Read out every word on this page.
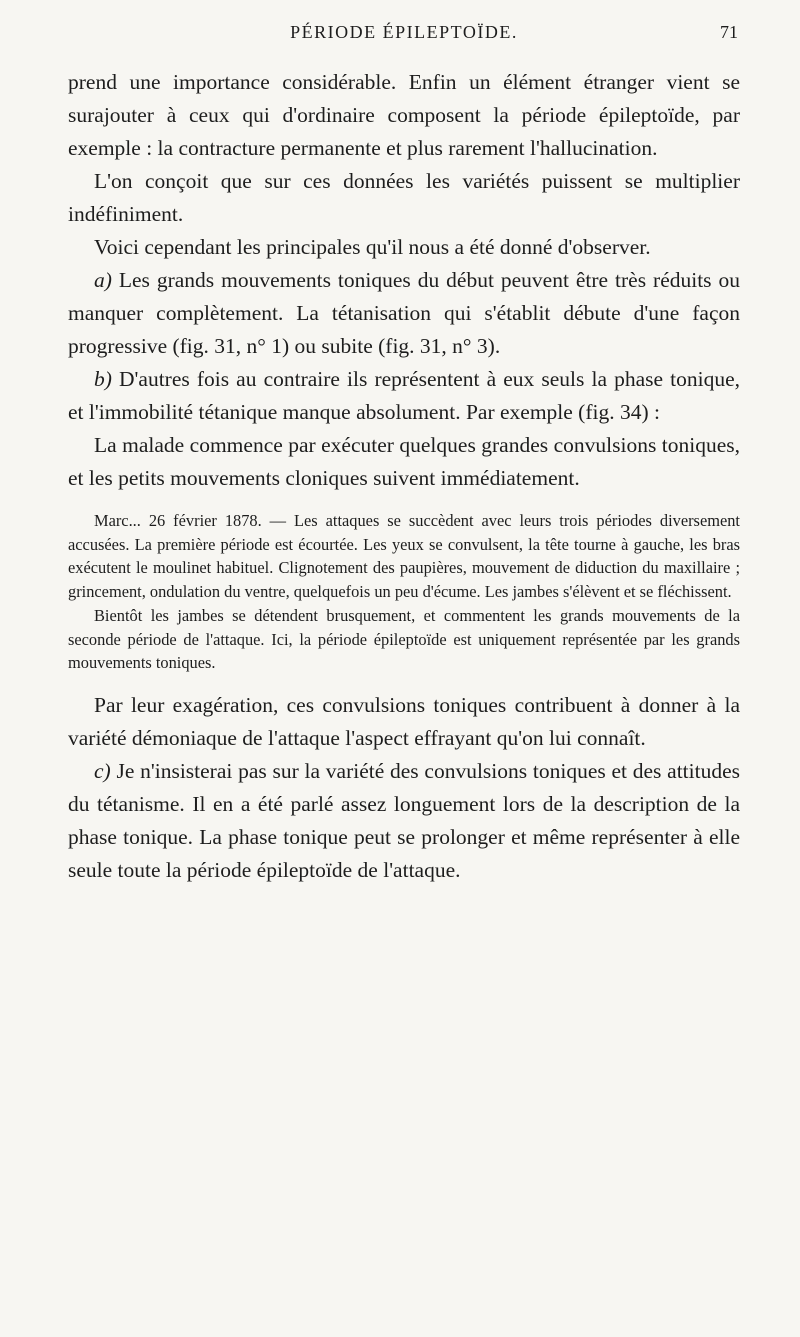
PÉRIODE ÉPILEPTOÏDE.	71

prend une importance considérable. Enfin un élément étranger vient se surajouter à ceux qui d'ordinaire composent la période épileptoïde, par exemple : la contracture permanente et plus rarement l'hallucination.

L'on conçoit que sur ces données les variétés puissent se multiplier indéfiniment.

Voici cependant les principales qu'il nous a été donné d'observer.

a) Les grands mouvements toniques du début peuvent être très réduits ou manquer complètement. La tétanisation qui s'établit débute d'une façon progressive (fig. 31, n° 1) ou subite (fig. 31, n° 3).

b) D'autres fois au contraire ils représentent à eux seuls la phase tonique, et l'immobilité tétanique manque absolument. Par exemple (fig. 34) :

La malade commence par exécuter quelques grandes convulsions toniques, et les petits mouvements cloniques suivent immédiatement.

Marc... 26 février 1878. — Les attaques se succèdent avec leurs trois périodes diversement accusées. La première période est écourtée. Les yeux se convulsent, la tête tourne à gauche, les bras exécutent le moulinet habituel. Clignotement des paupières, mouvement de diduction du maxillaire ; grincement, ondulation du ventre, quelquefois un peu d'écume. Les jambes s'élèvent et se fléchissent.

Bientôt les jambes se détendent brusquement, et commentent les grands mouvements de la seconde période de l'attaque. Ici, la période épileptoïde est uniquement représentée par les grands mouvements toniques.

Par leur exagération, ces convulsions toniques contribuent à donner à la variété démoniaque de l'attaque l'aspect effrayant qu'on lui connaît.

c) Je n'insisterai pas sur la variété des convulsions toniques et des attitudes du tétanisme. Il en a été parlé assez longuement lors de la description de la phase tonique. La phase tonique peut se prolonger et même représenter à elle seule toute la période épileptoïde de l'attaque.
